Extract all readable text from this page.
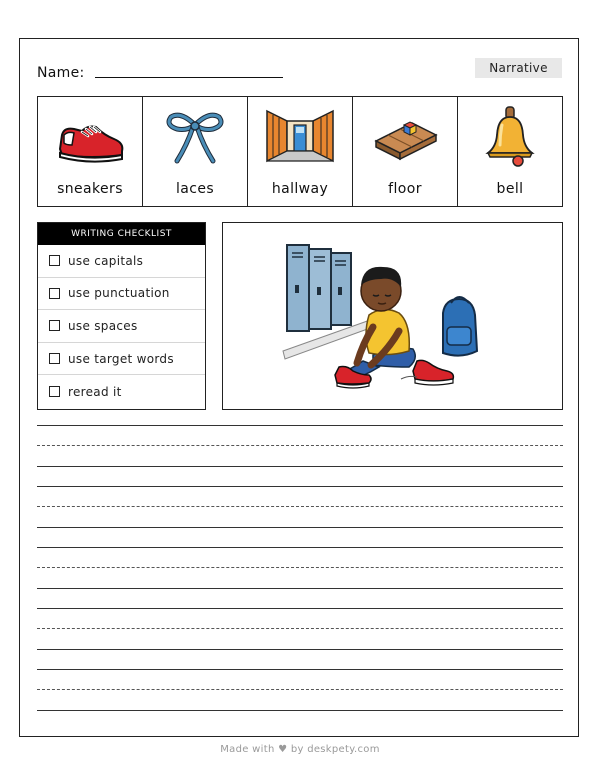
Name:	Narrative
sneakers	laces	hallway	floor	bell
WRITING CHECKLIST
use capitals
use punctuation
use spaces
use target words
reread it
Made with ♥ by deskpety.com
